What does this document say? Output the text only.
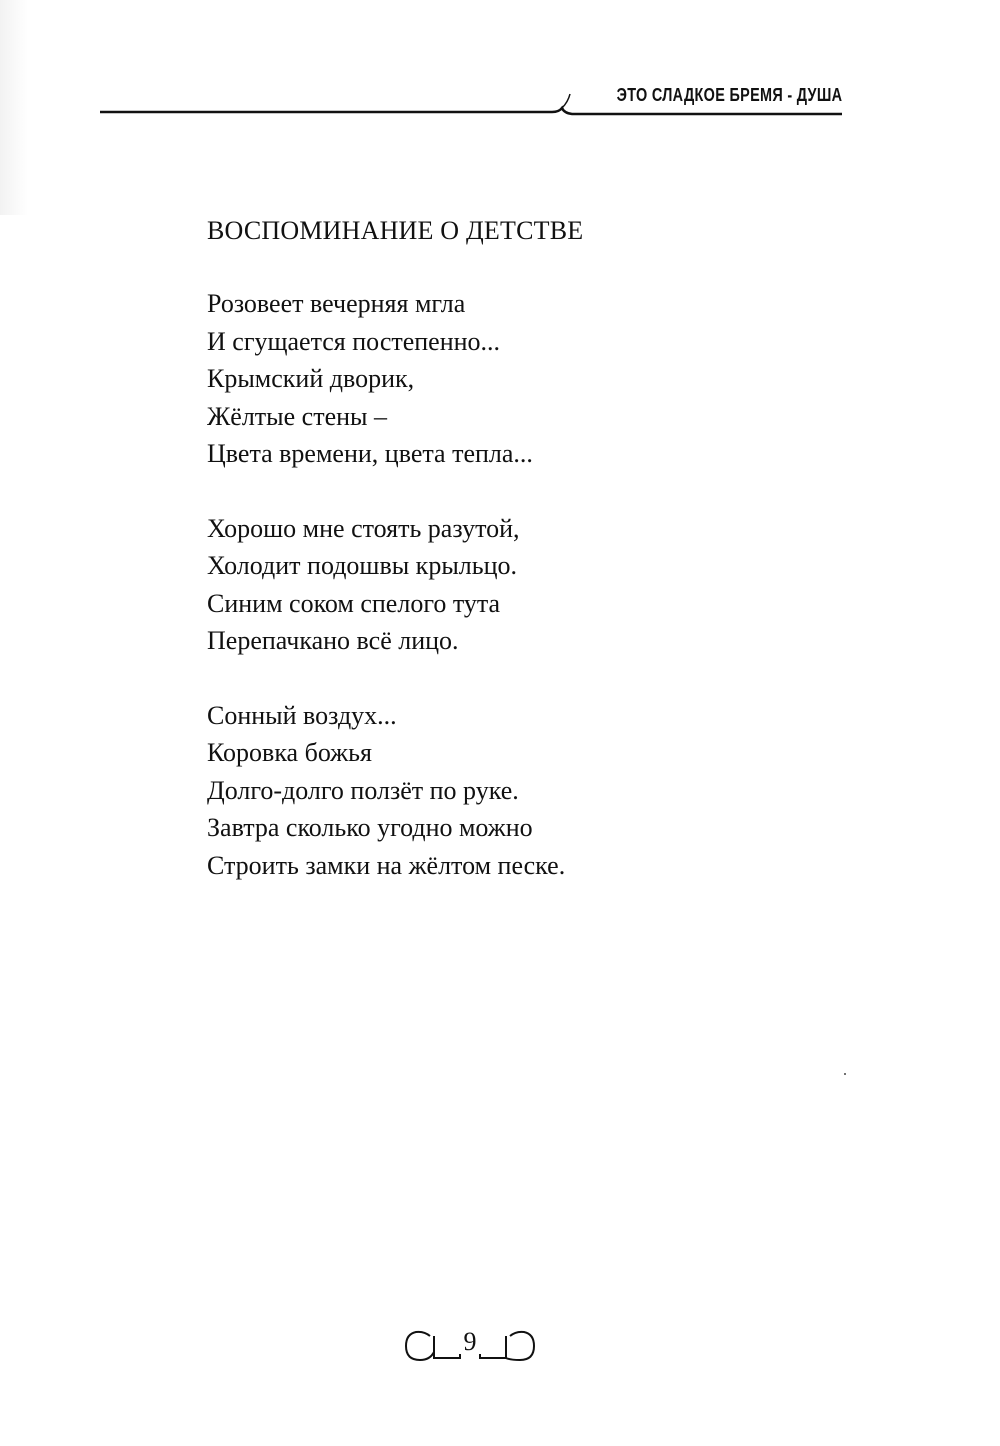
ЭТО СЛАДКОЕ БРЕМЯ - ДУША
ВОСПОМИНАНИЕ О ДЕТСТВЕ
Розовеет вечерняя мгла
И сгущается постепенно...
Крымский дворик,
Жёлтые стены –
Цвета времени, цвета тепла...
Хорошо мне стоять разутой,
Холодит подошвы крыльцо.
Синим соком спелого тута
Перепачкано всё лицо.
Сонный воздух...
Коровка божья
Долго-долго ползёт по руке.
Завтра сколько угодно можно
Строить замки на жёлтом песке.
9
